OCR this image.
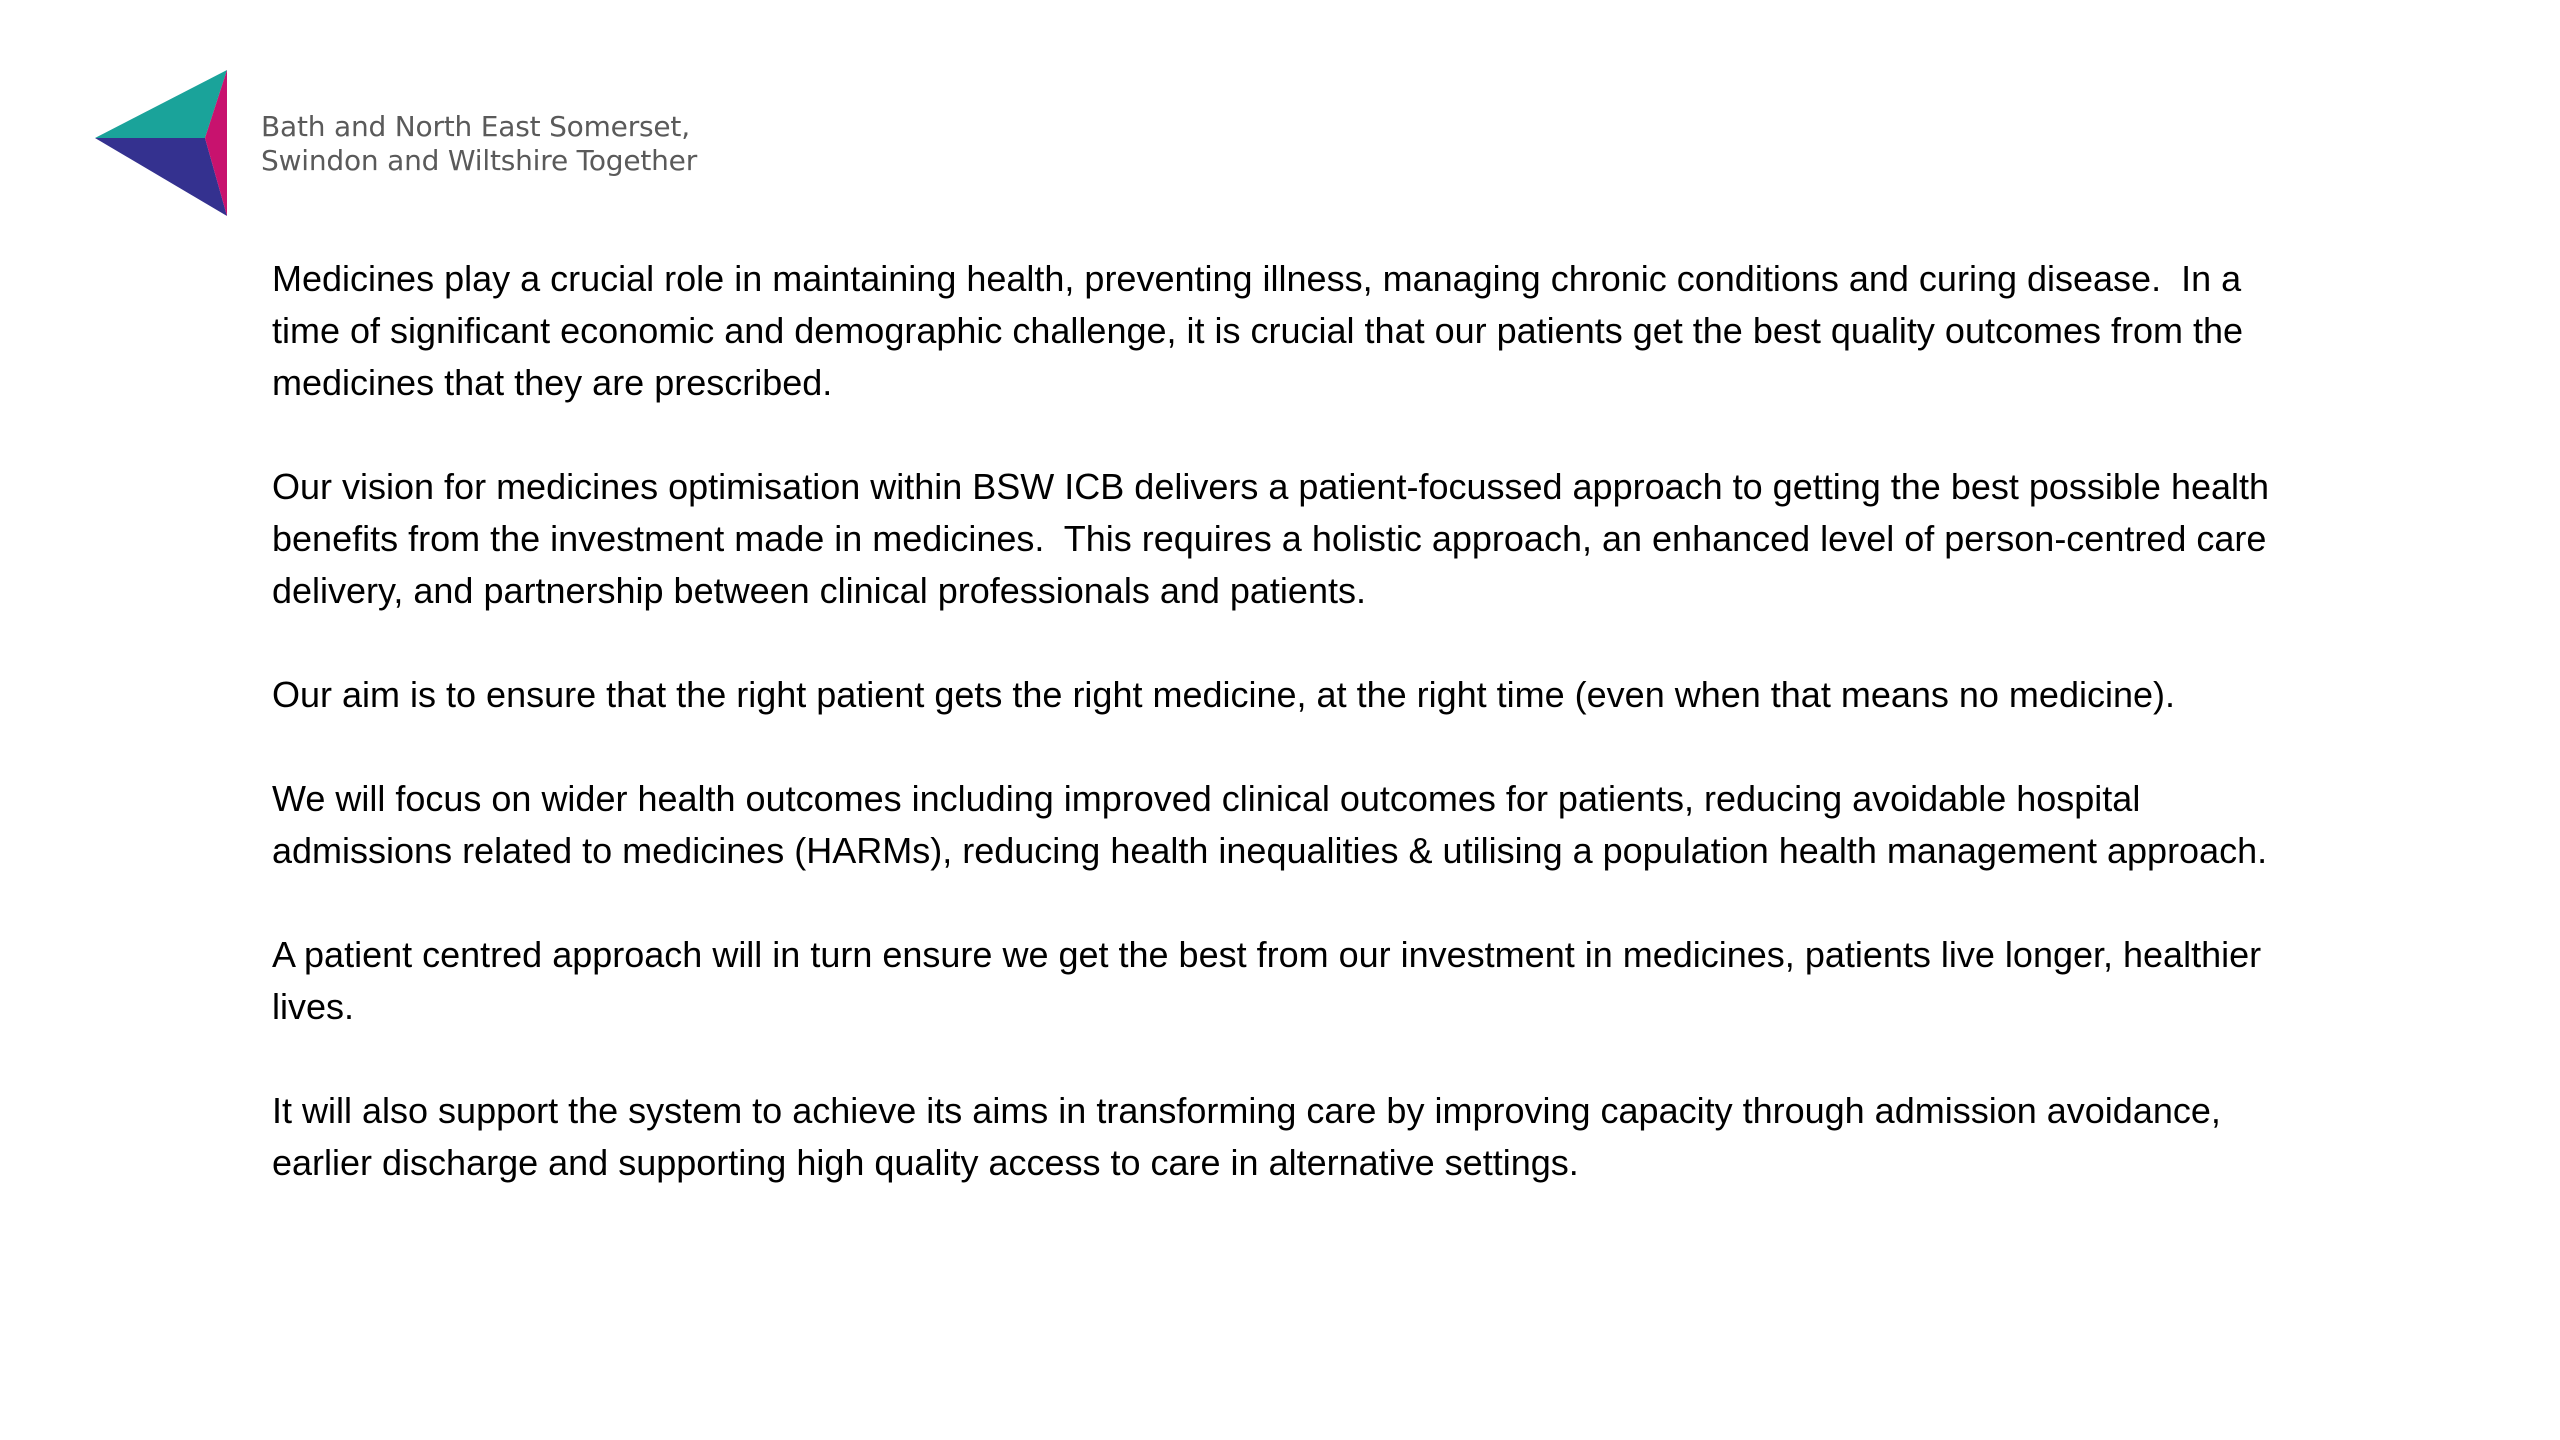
Bath and North East Somerset,
Swindon and Wiltshire Together

Medicines play a crucial role in maintaining health, preventing illness, managing chronic conditions and curing disease.  In a time of significant economic and demographic challenge, it is crucial that our patients get the best quality outcomes from the medicines that they are prescribed.

Our vision for medicines optimisation within BSW ICB delivers a patient-focussed approach to getting the best possible health benefits from the investment made in medicines.  This requires a holistic approach, an enhanced level of person-centred care delivery, and partnership between clinical professionals and patients.

Our aim is to ensure that the right patient gets the right medicine, at the right time (even when that means no medicine).

We will focus on wider health outcomes including improved clinical outcomes for patients, reducing avoidable hospital admissions related to medicines (HARMs), reducing health inequalities & utilising a population health management approach.

A patient centred approach will in turn ensure we get the best from our investment in medicines, patients live longer, healthier lives.

It will also support the system to achieve its aims in transforming care by improving capacity through admission avoidance, earlier discharge and supporting high quality access to care in alternative settings.
